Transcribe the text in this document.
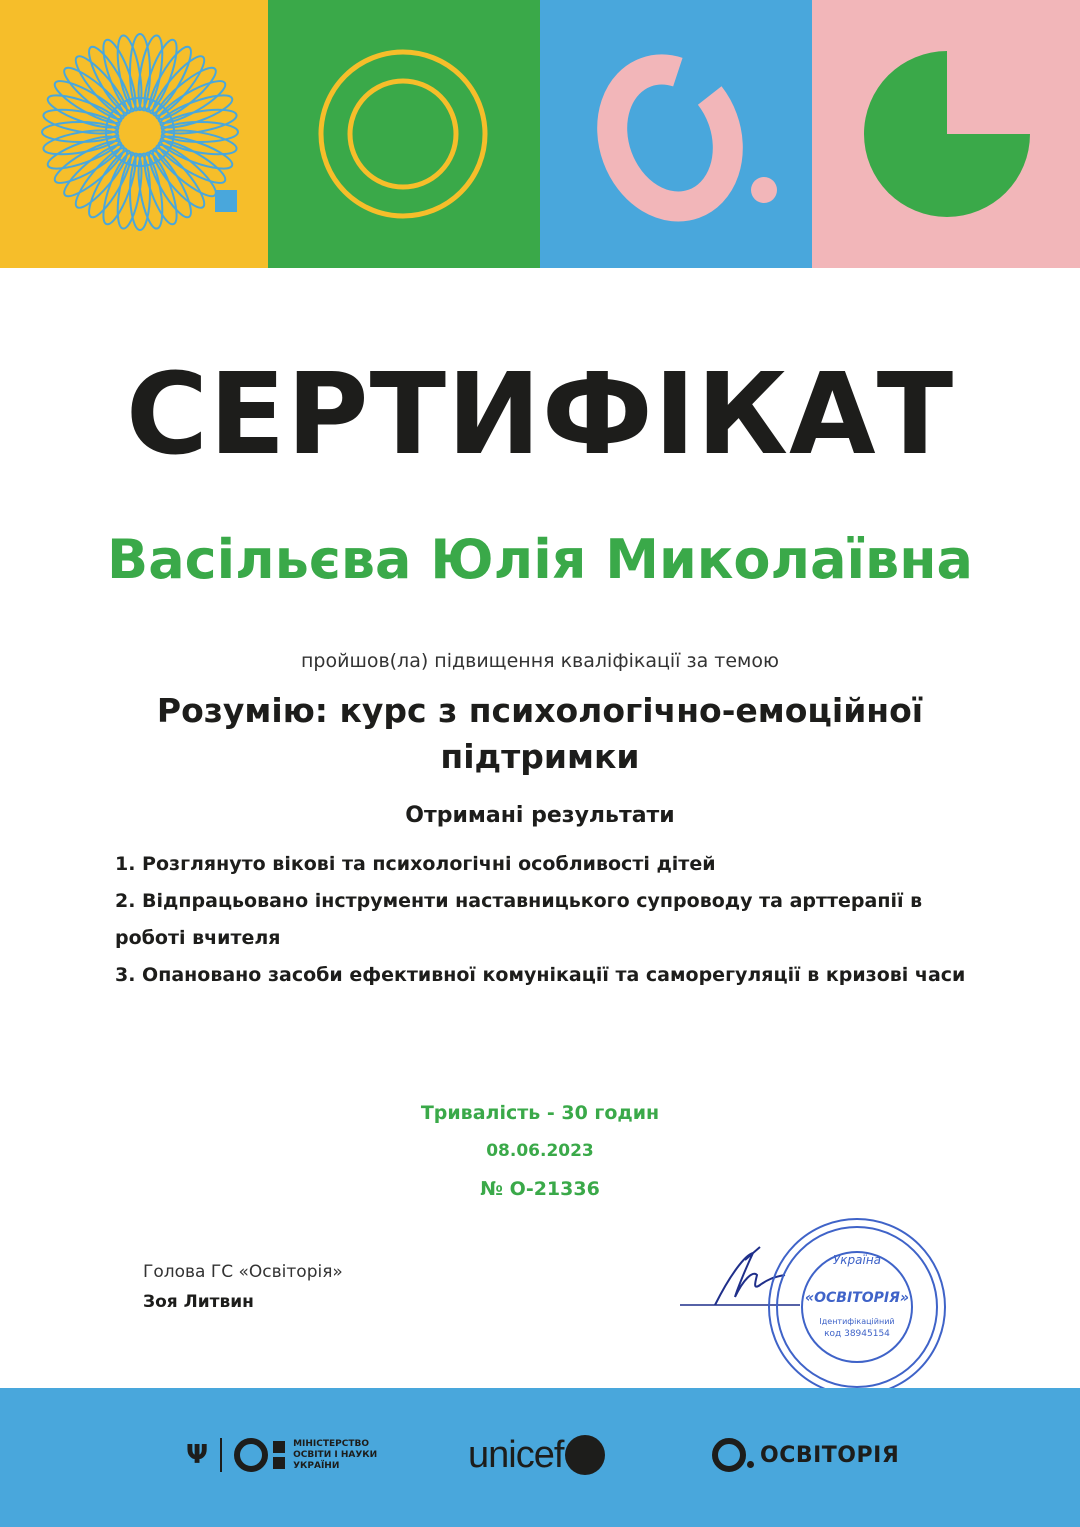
СЕРТИФІКАТ
Васільєва Юлія Миколаївна
пройшов(ла) підвищення кваліфікації за темою
Розумію: курс з психологічно-емоційної підтримки
Отримані результати
1. Розглянуто вікові та психологічні особливості дітей
2. Відпрацьовано інструменти наставницького супроводу та арттерапії в роботі вчителя
3. Опановано засоби ефективної комунікації та саморегуляції в кризові часи
Тривалість - 30 годин
08.06.2023
№ О-21336
Голова ГС «Освіторія»
Зоя Литвин
Україна
«ОСВІТОРІЯ»
Ідентифікаційний
код 38945154
Ψ	МІНІСТЕРСТВО ОСВІТИ І НАУКИ УКРАЇНИ	unicef	ОСВІТОРІЯ
